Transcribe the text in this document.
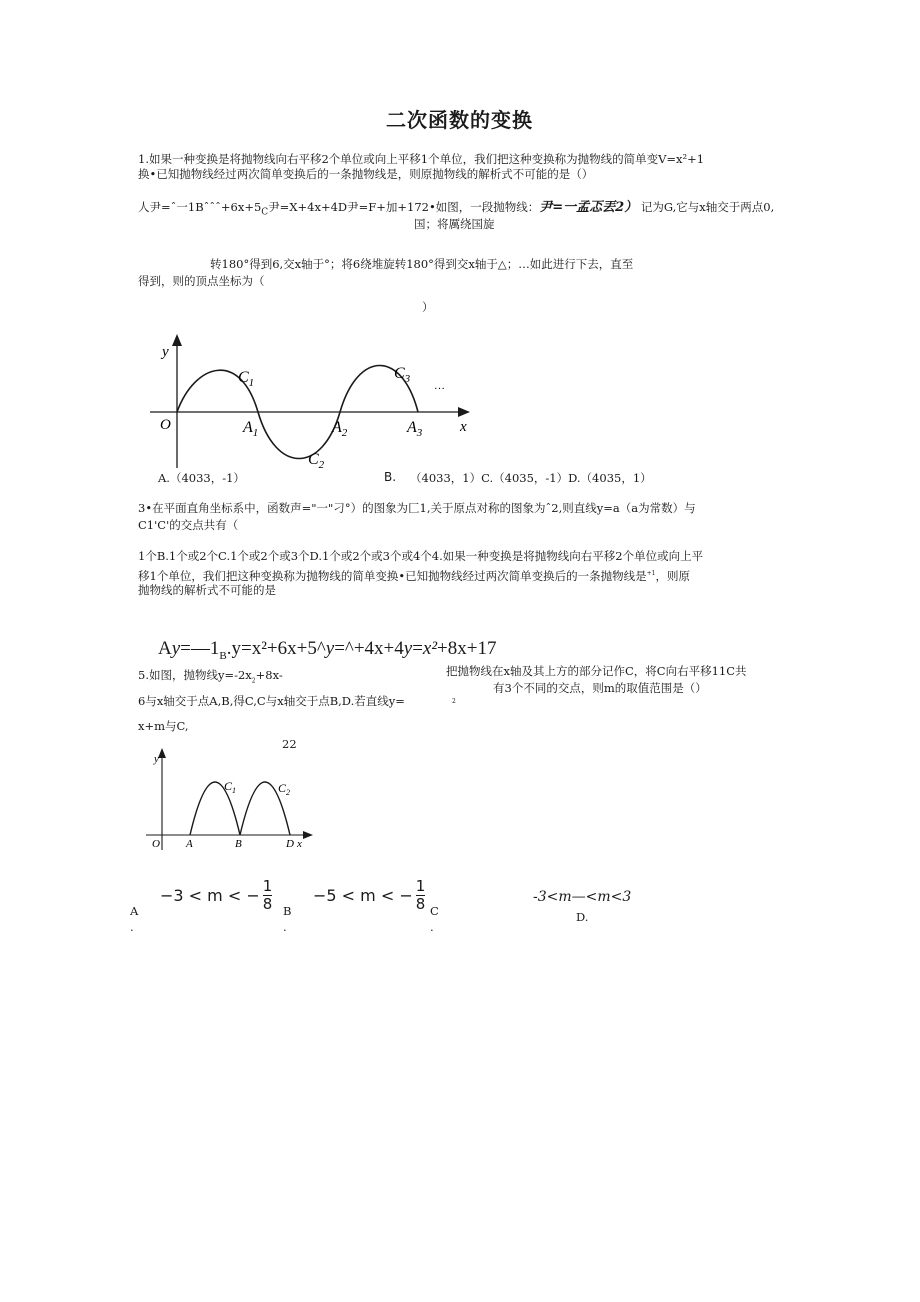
二次函数的变换
1.如果一种变换是将抛物线向右平移2个单位或向上平移1个单位，我们把这种变换称为抛物线的简单变V=x²+1
换•已知抛物线经过两次简单变换后的一条抛物线是，则原抛物线的解析式不可能的是（）
人尹=ˆ一$1Bˆˆˆ+6x+5_C$尹=X+4x+4D尹=F+加+172•如图，一段抛物线：尹=一孟忑丟2） 记为G,它与x轴交于两点0,
国；将厲绕国旋
转180°得到6,交x轴于°；将6绕堆旋转180°得到交x轴于△；…如此进行下去，直至
得到，则的顶点坐标为（
）
y
x
O
$C_1$
$C_2$
$C_3$
$A_1$	$A_2$	$A_3$
…
A.（4033，-1）	B. （4033，1）C.（4035，-1）D.（4035，1）
3•在平面直角坐标系中，函数声="一"刁°）的图象为匚1,关于原点对称的图象为ˆ2,则直线y=a（a为常数）与
C1'C'的交点共有（
1个B.1个或2个C.1个或2个或3个D.1个或2个或3个或4个4.如果一种变换是将抛物线向右平移2个单位或向上平
移1个单位，我们把这种变换称为抛物线的简单变换•已知抛物线经过两次简单变换后的一条抛物线是$^{+1}$，则原
抛物线的解析式不可能的是
$Ay=—1_B.y=x^2+6x+5\^{}y=\^{}+4x+4y=x^2+8x+17$
5.如图，抛物线$y=-2x_2+8x-$
6与x轴交于点A,B,得C,C与x轴交于点B,D.若直线y=
x+m与C,
把抛物线在x轴及其上方的部分记作C，将C向右平移11C共
有3个不同的交点，则m的取值范围是（）
2
22
y
x
O A	B	D
$C_1$	$C_2$
A
.
−3 < m < − $\frac{1}{8}$ B
.
−5 < m < − $\frac{1}{8}$ C
.
-3<m—<m<3
D.
